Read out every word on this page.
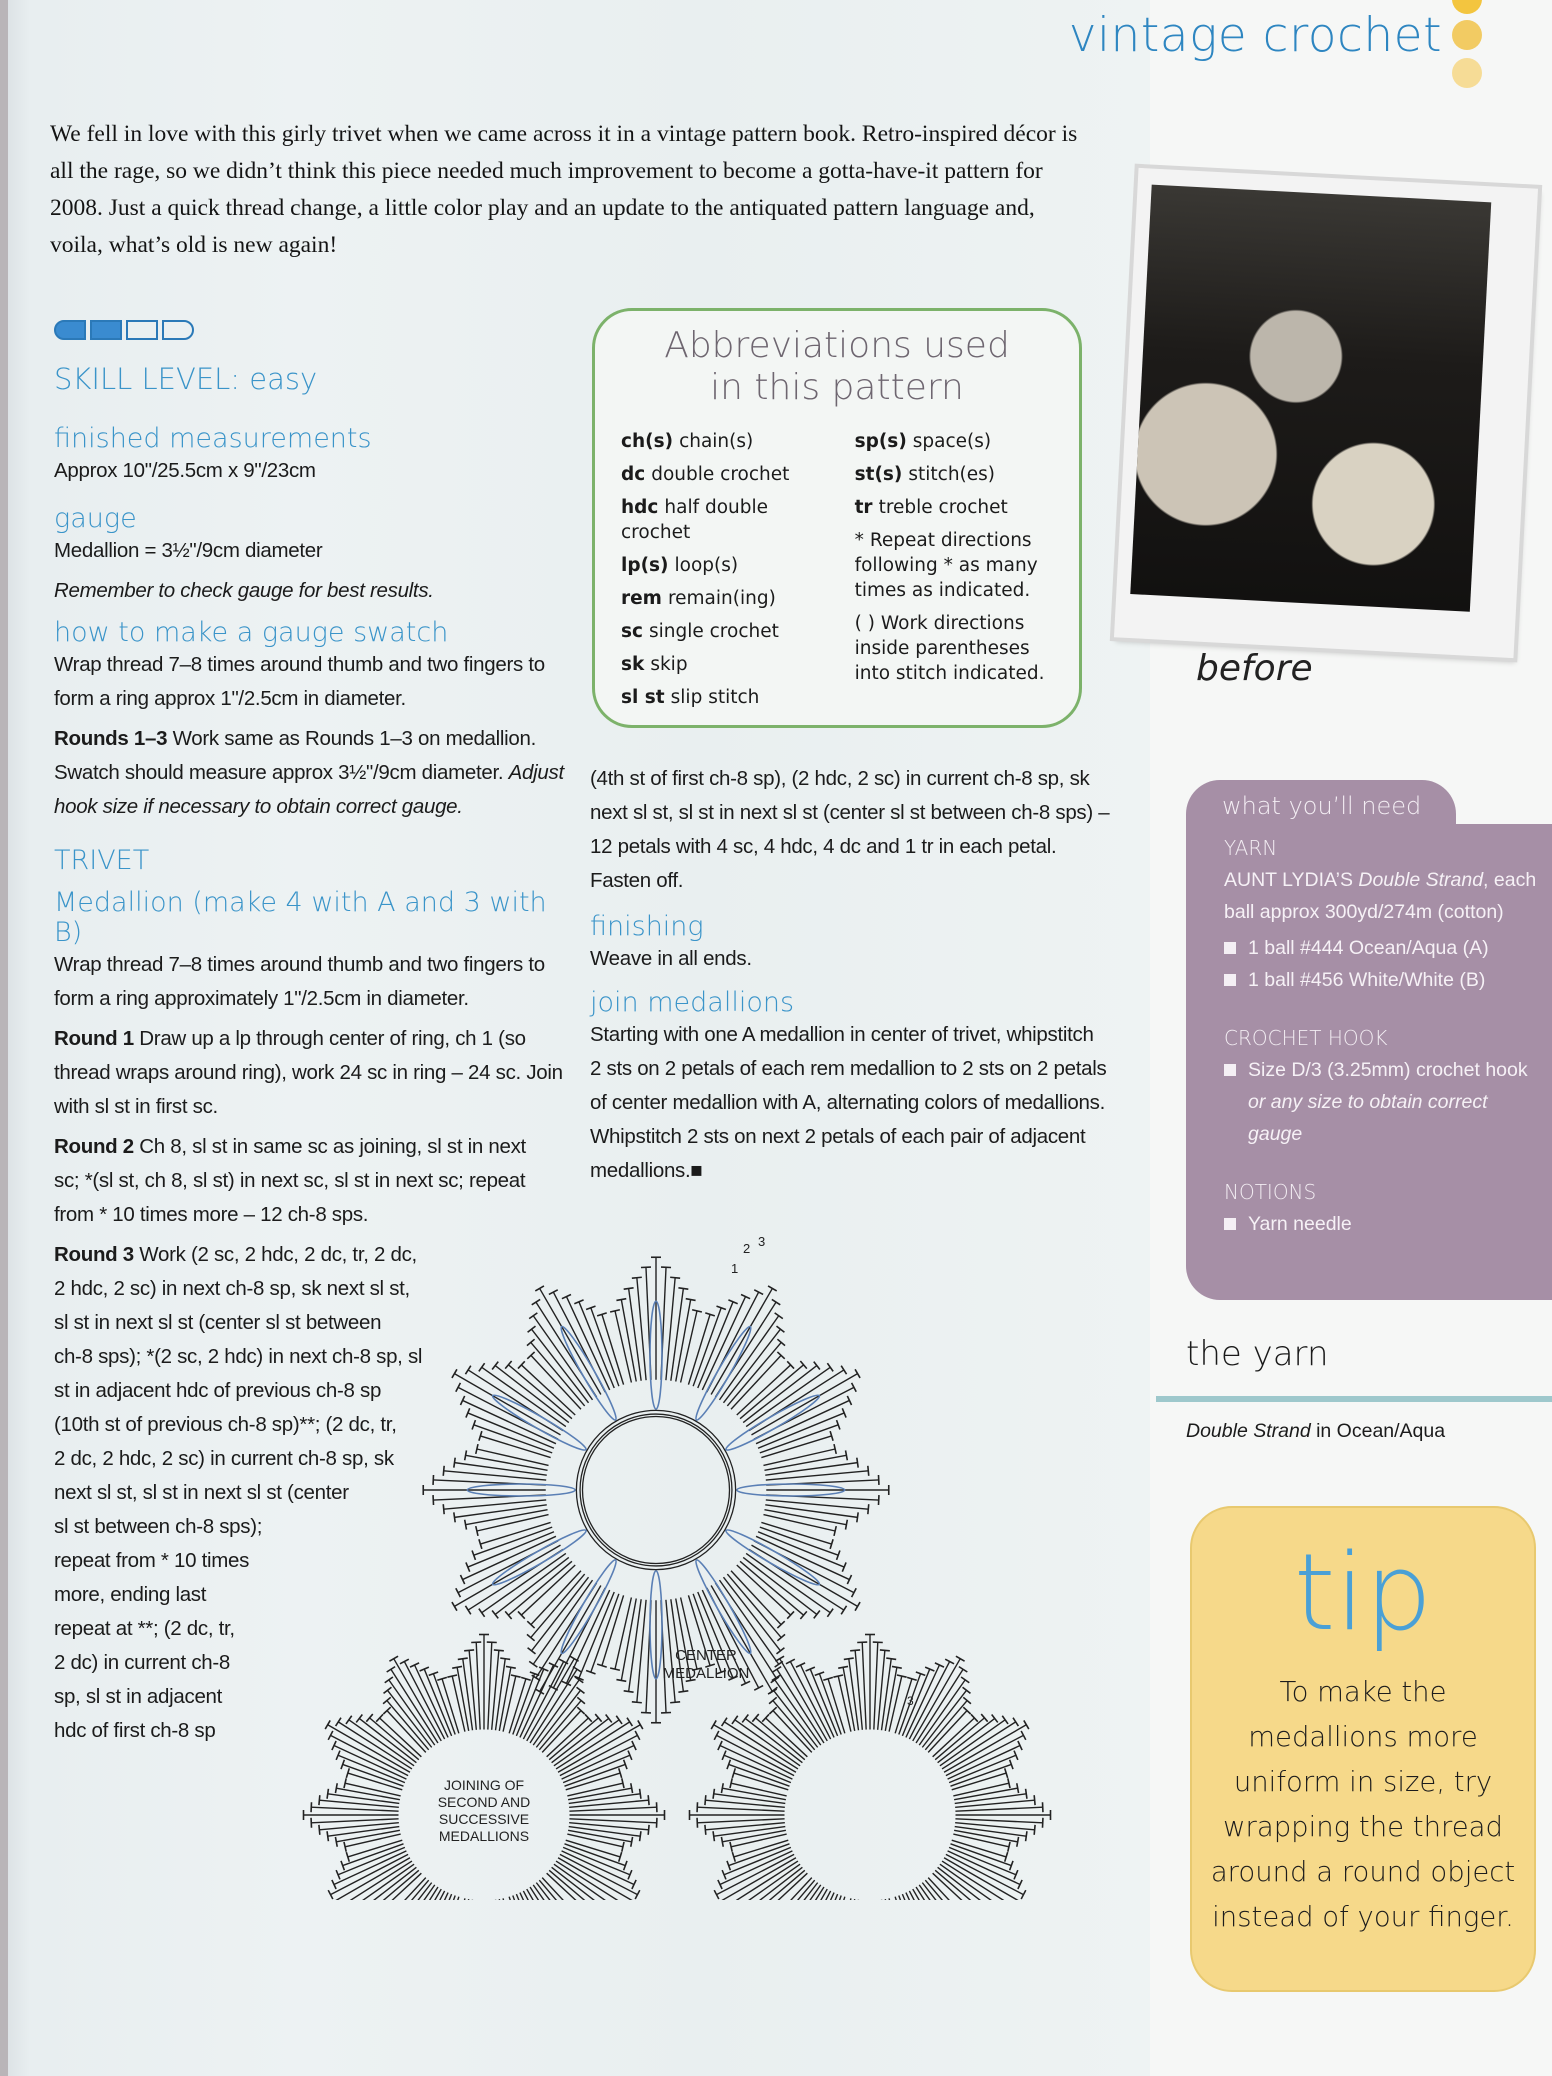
vintage crochet
We fell in love with this girly trivet when we came across it in a vintage pattern book. Retro-inspired décor is all the rage, so we didn’t think this piece needed much improvement to become a gotta-have-it pattern for 2008. Just a quick thread change, a little color play and an update to the antiquated pattern language and, voila, what’s old is new again!
SKILL LEVEL: easy
finished measurements
Approx 10"/25.5cm x 9"/23cm
gauge
Medallion = 3½"/9cm diameter
Remember to check gauge for best results.
how to make a gauge swatch
Wrap thread 7–8 times around thumb and two fingers to form a ring approx 1"/2.5cm in diameter.
Rounds 1–3 Work same as Rounds 1–3 on medallion. Swatch should measure approx 3½"/9cm diameter. Adjust hook size if necessary to obtain correct gauge.
TRIVET
Medallion (make 4 with A and 3 with B)
Wrap thread 7–8 times around thumb and two fingers to form a ring approximately 1"/2.5cm in diameter.
Round 1 Draw up a lp through center of ring, ch 1 (so thread wraps around ring), work 24 sc in ring – 24 sc. Join with sl st in first sc.
Round 2 Ch 8, sl st in same sc as joining, sl st in next sc; *(sl st, ch 8, sl st) in next sc, sl st in next sc; repeat from * 10 times more – 12 ch-8 sps.
Round 3 Work (2 sc, 2 hdc, 2 dc, tr, 2 dc,
2 hdc, 2 sc) in next ch-8 sp, sk next sl st,
sl st in next sl st (center sl st between
ch-8 sps); *(2 sc, 2 hdc) in next ch-8 sp, sl
st in adjacent hdc of previous ch-8 sp
(10th st of previous ch-8 sp)**; (2 dc, tr,
2 dc, 2 hdc, 2 sc) in current ch-8 sp, sk
next sl st, sl st in next sl st (center
sl st between ch-8 sps);
repeat from * 10 times
more, ending last
repeat at **; (2 dc, tr,
2 dc) in current ch-8
sp, sl st in adjacent
hdc of first ch-8 sp
Abbreviations used
in this pattern
ch(s) chain(s)
dc double crochet
hdc half double crochet
lp(s) loop(s)
rem remain(ing)
sc single crochet
sk skip
sl st slip stitch
sp(s) space(s)
st(s) stitch(es)
tr treble crochet
* Repeat directions following * as many times as indicated.
( ) Work directions inside parentheses into stitch indicated.
(4th st of first ch-8 sp), (2 hdc, 2 sc) in current ch-8 sp, sk next sl st, sl st in next sl st (center sl st between ch-8 sps) – 12 petals with 4 sc, 4 hdc, 4 dc and 1 tr in each petal. Fasten off.
finishing
Weave in all ends.
join medallions
Starting with one A medallion in center of trivet, whipstitch 2 sts on 2 petals of each rem medallion to 2 sts on 2 petals of center medallion with A, alternating colors of medallions. Whipstitch 2 sts on next 2 petals of each pair of adjacent medallions.■
CENTER
MEDALLION
JOINING OF
SECOND AND
SUCCESSIVE
MEDALLIONS
1
2 3
3
before
what you’ll need
YARN
AUNT LYDIA’S Double Strand, each ball approx 300yd/274m (cotton)
1 ball #444 Ocean/Aqua (A)
1 ball #456 White/White (B)
CROCHET HOOK
Size D/3 (3.25mm) crochet hook or any size to obtain correct gauge
NOTIONS
Yarn needle
the yarn
Double Strand in Ocean/Aqua
tip
To make the medallions more uniform in size, try wrapping the thread around a round object instead of your finger.
